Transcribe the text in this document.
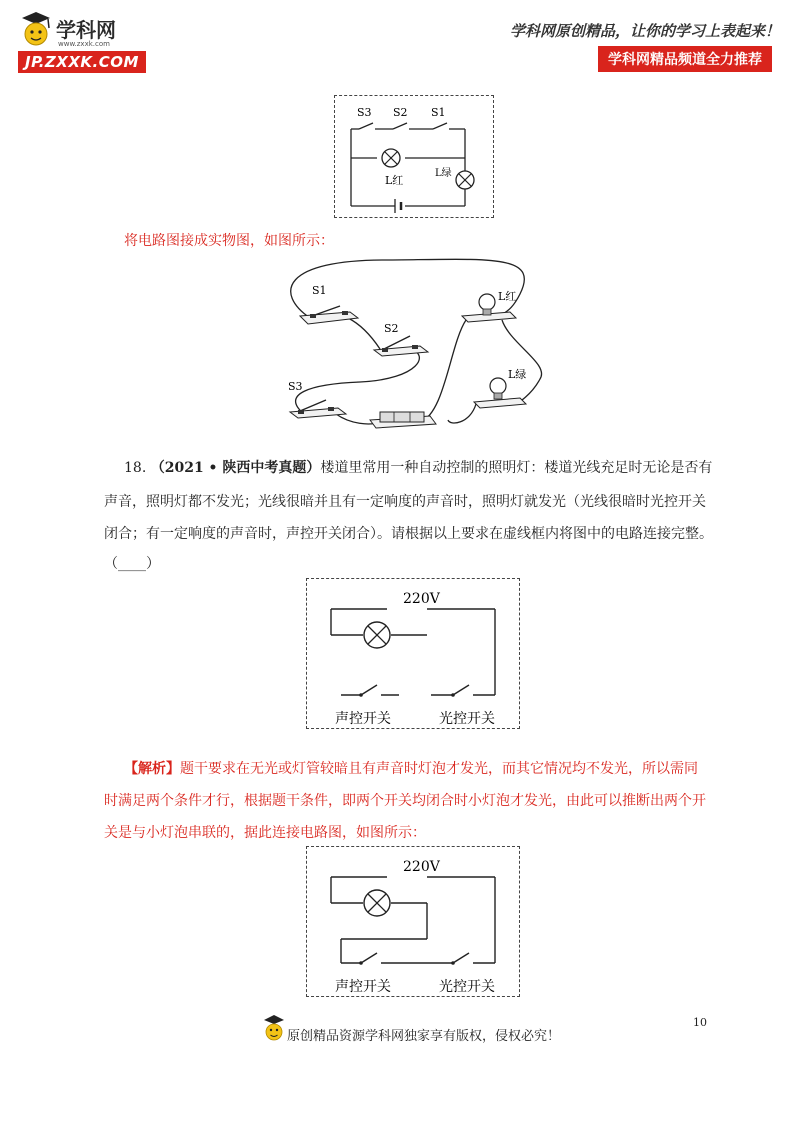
学科网
www.zxxk.com
JP.ZXXK.COM
学科网原创精品，让你的学习上表起来！
学科网精品频道全力推荐
S3 S2 S1
L红
L绿
将电路图接成实物图，如图所示：
S1
S2
S3
L红
L绿
18. （2021 • 陕西中考真题）楼道里常用一种自动控制的照明灯：楼道光线充足时无论是否有
声音，照明灯都不发光；光线很暗并且有一定响度的声音时，照明灯就发光（光线很暗时光控开关
闭合；有一定响度的声音时，声控开关闭合）。请根据以上要求在虚线框内将图中的电路连接完整。
（____）
220V
声控开关	光控开关
【解析】题干要求在无光或灯管较暗且有声音时灯泡才发光，而其它情况均不发光，所以需同
时满足两个条件才行，根据题干条件，即两个开关均闭合时小灯泡才发光，由此可以推断出两个开
关是与小灯泡串联的，据此连接电路图，如图所示：
220V
声控开关	光控开关
10
原创精品资源学科网独家享有版权，侵权必究！
